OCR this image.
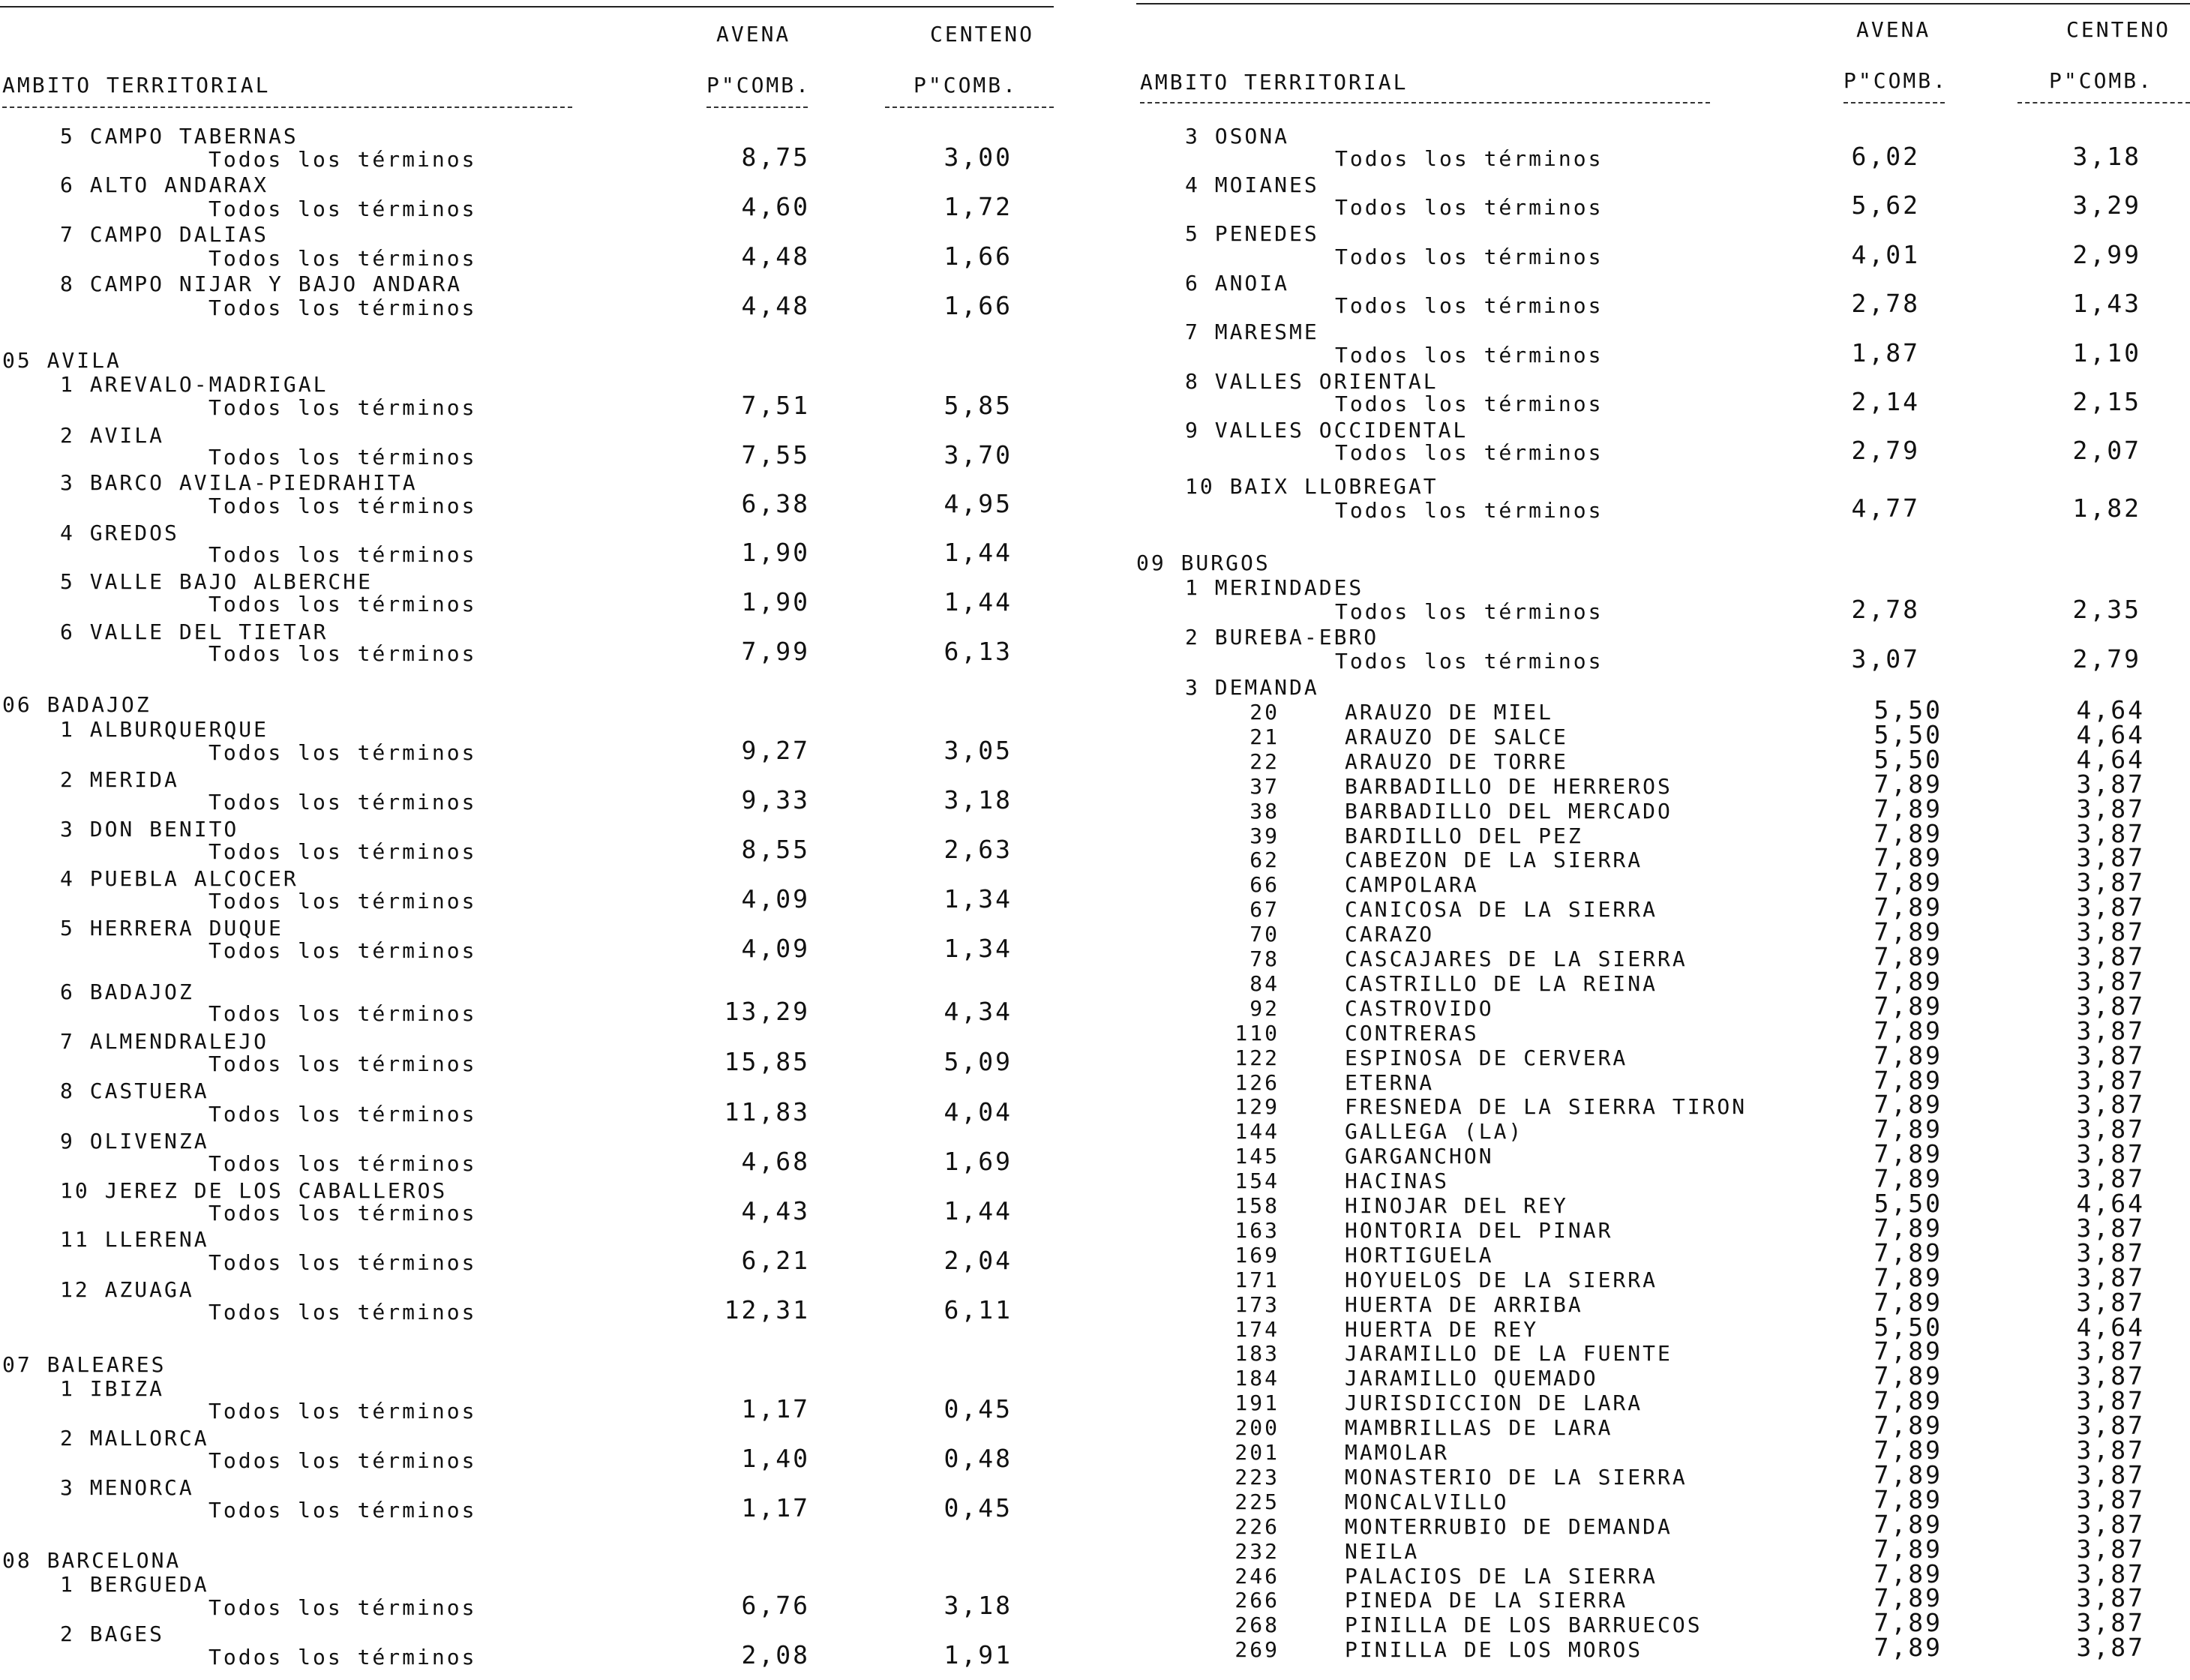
AVENA	CENTENO
AMBITO TERRITORIAL	P"COMB.	P"COMB.
AVENA	CENTENO
AMBITO TERRITORIAL	P"COMB.	P"COMB.
5 CAMPO TABERNAS
Todos los términos	8,75	3,00
6 ALTO ANDARAX
Todos los términos	4,60	1,72
7 CAMPO DALIAS
Todos los términos	4,48	1,66
8 CAMPO NIJAR Y BAJO ANDARA
Todos los términos	4,48	1,66
05 AVILA
1 AREVALO-MADRIGAL
Todos los términos	7,51	5,85
2 AVILA
Todos los términos	7,55	3,70
3 BARCO AVILA-PIEDRAHITA
Todos los términos	6,38	4,95
4 GREDOS
Todos los términos	1,90	1,44
5 VALLE BAJO ALBERCHE
Todos los términos	1,90	1,44
6 VALLE DEL TIETAR
Todos los términos	7,99	6,13
06 BADAJOZ
1 ALBURQUERQUE
Todos los términos	9,27	3,05
2 MERIDA
Todos los términos	9,33	3,18
3 DON BENITO
Todos los términos	8,55	2,63
4 PUEBLA ALCOCER
Todos los términos	4,09	1,34
5 HERRERA DUQUE
Todos los términos	4,09	1,34
6 BADAJOZ
Todos los términos	13,29	4,34
7 ALMENDRALEJO
Todos los términos	15,85	5,09
8 CASTUERA
Todos los términos	11,83	4,04
9 OLIVENZA
Todos los términos	4,68	1,69
10 JEREZ DE LOS CABALLEROS
Todos los términos	4,43	1,44
11 LLERENA
Todos los términos	6,21	2,04
12 AZUAGA
Todos los términos	12,31	6,11
07 BALEARES
1 IBIZA
Todos los términos	1,17	0,45
2 MALLORCA
Todos los términos	1,40	0,48
3 MENORCA
Todos los términos	1,17	0,45
08 BARCELONA
1 BERGUEDA
Todos los términos	6,76	3,18
2 BAGES
Todos los términos	2,08	1,91
3 OSONA
Todos los términos	6,02	3,18
4 MOIANES
Todos los términos	5,62	3,29
5 PENEDES
Todos los términos	4,01	2,99
6 ANOIA
Todos los términos	2,78	1,43
7 MARESME
Todos los términos	1,87	1,10
8 VALLES ORIENTAL
Todos los términos	2,14	2,15
9 VALLES OCCIDENTAL
Todos los términos	2,79	2,07
10 BAIX LLOBREGAT
Todos los términos	4,77	1,82
09 BURGOS
1 MERINDADES
Todos los términos	2,78	2,35
2 BUREBA-EBRO
Todos los términos	3,07	2,79
3 DEMANDA
20	ARAUZO DE MIEL	5,50	4,64
21	ARAUZO DE SALCE	5,50	4,64
22	ARAUZO DE TORRE	5,50	4,64
37	BARBADILLO DE HERREROS	7,89	3,87
38	BARBADILLO DEL MERCADO	7,89	3,87
39	BARDILLO DEL PEZ	7,89	3,87
62	CABEZON DE LA SIERRA	7,89	3,87
66	CAMPOLARA	7,89	3,87
67	CANICOSA DE LA SIERRA	7,89	3,87
70	CARAZO	7,89	3,87
78	CASCAJARES DE LA SIERRA	7,89	3,87
84	CASTRILLO DE LA REINA	7,89	3,87
92	CASTROVIDO	7,89	3,87
110	CONTRERAS	7,89	3,87
122	ESPINOSA DE CERVERA	7,89	3,87
126	ETERNA	7,89	3,87
129	FRESNEDA DE LA SIERRA TIRON	7,89	3,87
144	GALLEGA (LA)	7,89	3,87
145	GARGANCHON	7,89	3,87
154	HACINAS	7,89	3,87
158	HINOJAR DEL REY	5,50	4,64
163	HONTORIA DEL PINAR	7,89	3,87
169	HORTIGUELA	7,89	3,87
171	HOYUELOS DE LA SIERRA	7,89	3,87
173	HUERTA DE ARRIBA	7,89	3,87
174	HUERTA DE REY	5,50	4,64
183	JARAMILLO DE LA FUENTE	7,89	3,87
184	JARAMILLO QUEMADO	7,89	3,87
191	JURISDICCION DE LARA	7,89	3,87
200	MAMBRILLAS DE LARA	7,89	3,87
201	MAMOLAR	7,89	3,87
223	MONASTERIO DE LA SIERRA	7,89	3,87
225	MONCALVILLO	7,89	3,87
226	MONTERRUBIO DE DEMANDA	7,89	3,87
232	NEILA	7,89	3,87
246	PALACIOS DE LA SIERRA	7,89	3,87
266	PINEDA DE LA SIERRA	7,89	3,87
268	PINILLA DE LOS BARRUECOS	7,89	3,87
269	PINILLA DE LOS MOROS	7,89	3,87
